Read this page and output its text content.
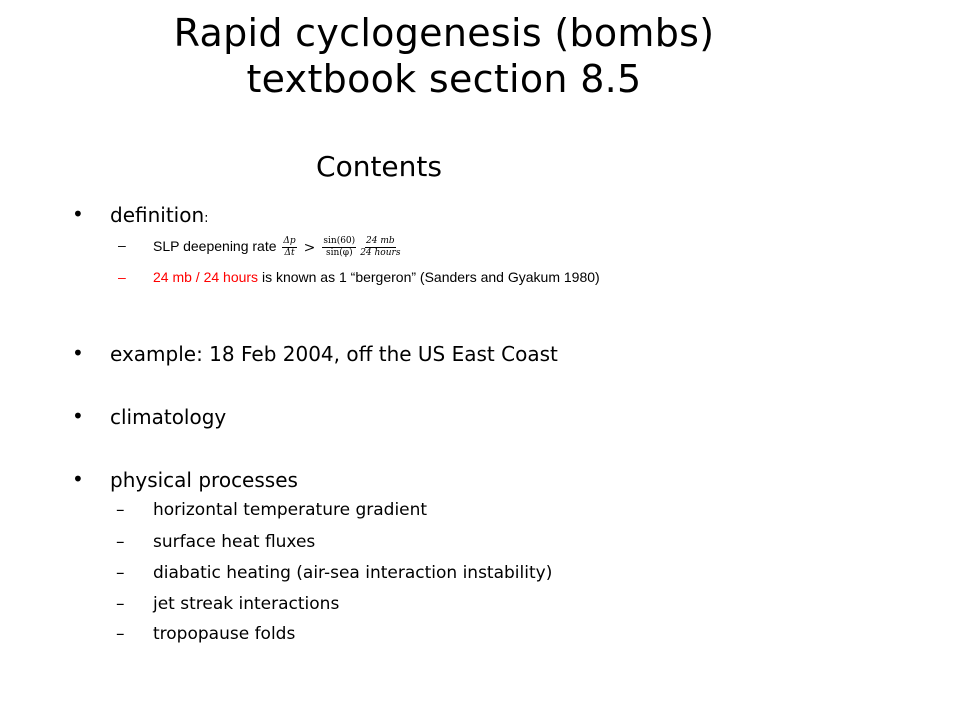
Rapid cyclogenesis (bombs)
textbook section 8.5
Contents
• definition:
– SLP deepening rate $\frac{\Delta p}{\Delta t} > \frac{\sin(60)}{\sin(\varphi)} \frac{24 mb}{\text{24 hours}}$
– 24 mb / 24 hours is known as 1 “bergeron” (Sanders and Gyakum 1980)
• example: 18 Feb 2004, off the US East Coast
• climatology
• physical processes
– horizontal temperature gradient
– surface heat fluxes
– diabatic heating (air-sea interaction instability)
– jet streak interactions
– tropopause folds
